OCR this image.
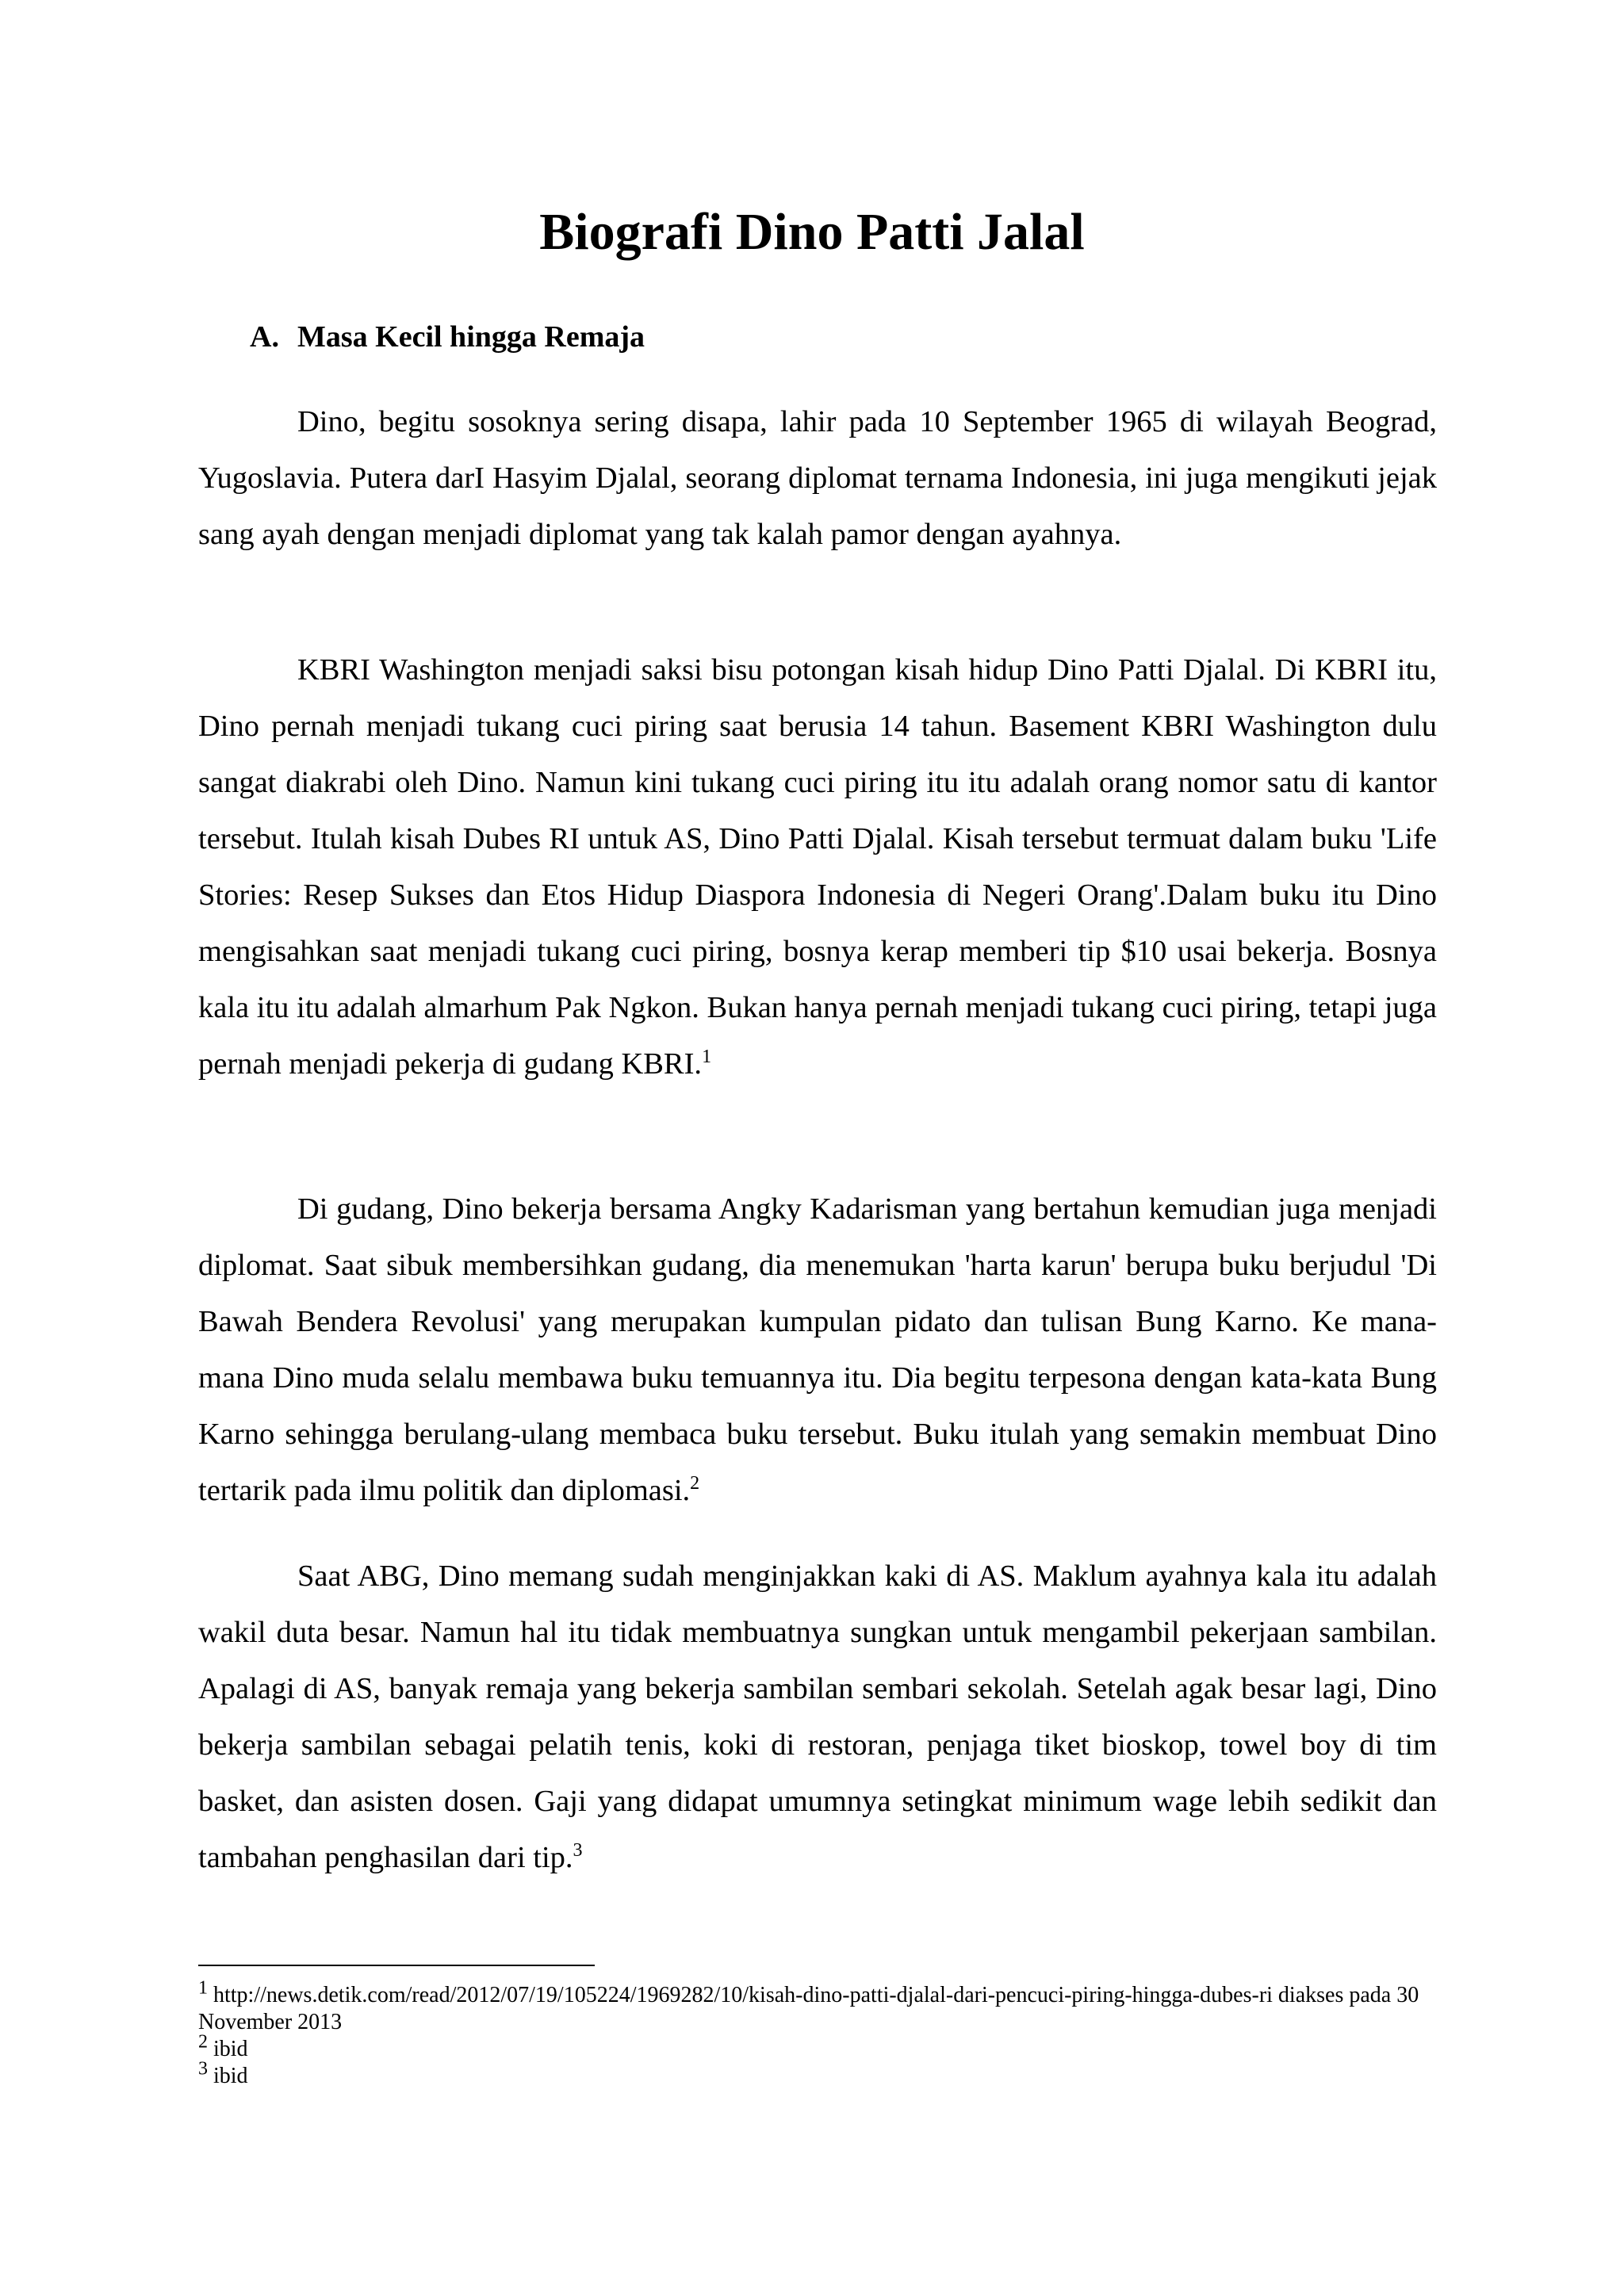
Biografi Dino Patti Jalal
A. Masa Kecil hingga Remaja

Dino, begitu sosoknya sering disapa, lahir pada 10 September 1965 di wilayah Beograd, Yugoslavia. Putera darI Hasyim Djalal, seorang diplomat ternama Indonesia, ini juga mengikuti jejak sang ayah dengan menjadi diplomat yang tak kalah pamor dengan ayahnya.

KBRI Washington menjadi saksi bisu potongan kisah hidup Dino Patti Djalal. Di KBRI itu, Dino pernah menjadi tukang cuci piring saat berusia 14 tahun. Basement KBRI Washington dulu sangat diakrabi oleh Dino. Namun kini tukang cuci piring itu itu adalah orang nomor satu di kantor tersebut. Itulah kisah Dubes RI untuk AS, Dino Patti Djalal. Kisah tersebut termuat dalam buku 'Life Stories: Resep Sukses dan Etos Hidup Diaspora Indonesia di Negeri Orang'.Dalam buku itu Dino mengisahkan saat menjadi tukang cuci piring, bosnya kerap memberi tip $10 usai bekerja. Bosnya kala itu itu adalah almarhum Pak Ngkon. Bukan hanya pernah menjadi tukang cuci piring, tetapi juga pernah menjadi pekerja di gudang KBRI.$^1$

Di gudang, Dino bekerja bersama Angky Kadarisman yang bertahun kemudian juga menjadi diplomat. Saat sibuk membersihkan gudang, dia menemukan 'harta karun' berupa buku berjudul 'Di Bawah Bendera Revolusi' yang merupakan kumpulan pidato dan tulisan Bung Karno. Ke mana-mana Dino muda selalu membawa buku temuannya itu. Dia begitu terpesona dengan kata-kata Bung Karno sehingga berulang-ulang membaca buku tersebut. Buku itulah yang semakin membuat Dino tertarik pada ilmu politik dan diplomasi.$^2$

Saat ABG, Dino memang sudah menginjakkan kaki di AS. Maklum ayahnya kala itu adalah wakil duta besar. Namun hal itu tidak membuatnya sungkan untuk mengambil pekerjaan sambilan. Apalagi di AS, banyak remaja yang bekerja sambilan sembari sekolah. Setelah agak besar lagi, Dino bekerja sambilan sebagai pelatih tenis, koki di restoran, penjaga tiket bioskop, towel boy di tim basket, dan asisten dosen. Gaji yang didapat umumnya setingkat minimum wage lebih sedikit dan tambahan penghasilan dari tip.$^3$

$^1$ http://news.detik.com/read/2012/07/19/105224/1969282/10/kisah-dino-patti-djalal-dari-pencuci-piring-hingga-dubes-ri diakses pada 30 November 2013

$^2$ ibid

$^3$ ibid
